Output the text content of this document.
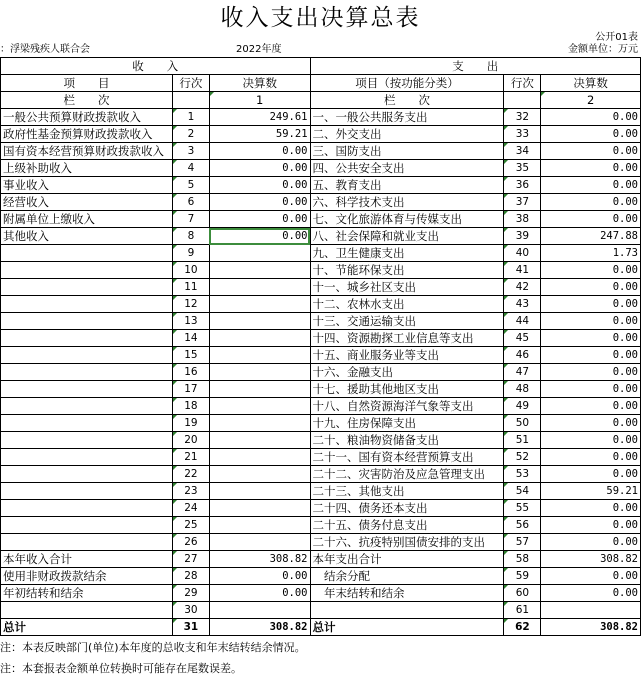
收入支出决算总表
公开01表
：浮梁残疾人联合会	2022年度	金额单位：万元
收　　入			支　　出		
项　　目	行次	决算数	项目（按功能分类）	行次	决算数
栏　　次		1	栏　　次		2
一般公共预算财政拨款收入	1	249.61	一、一般公共服务支出	32	0.00
政府性基金预算财政拨款收入	2	59.21	二、外交支出	33	0.00
国有资本经营预算财政拨款收入	3	0.00	三、国防支出	34	0.00
上级补助收入	4	0.00	四、公共安全支出	35	0.00
事业收入	5	0.00	五、教育支出	36	0.00
经营收入	6	0.00	六、科学技术支出	37	0.00
附属单位上缴收入	7	0.00	七、文化旅游体育与传媒支出	38	0.00
其他收入	8	0.00	八、社会保障和就业支出	39	247.88
	9		九、卫生健康支出	40	1.73
	10		十、节能环保支出	41	0.00
	11		十一、城乡社区支出	42	0.00
	12		十二、农林水支出	43	0.00
	13		十三、交通运输支出	44	0.00
	14		十四、资源勘探工业信息等支出	45	0.00
	15		十五、商业服务业等支出	46	0.00
	16		十六、金融支出	47	0.00
	17		十七、援助其他地区支出	48	0.00
	18		十八、自然资源海洋气象等支出	49	0.00
	19		十九、住房保障支出	50	0.00
	20		二十、粮油物资储备支出	51	0.00
	21		二十一、国有资本经营预算支出	52	0.00
	22		二十二、灾害防治及应急管理支出	53	0.00
	23		二十三、其他支出	54	59.21
	24		二十四、债务还本支出	55	0.00
	25		二十五、债务付息支出	56	0.00
	26		二十六、抗疫特别国债安排的支出	57	0.00
本年收入合计	27	308.82	本年支出合计	58	308.82
使用非财政拨款结余	28	0.00	　结余分配	59	0.00
年初结转和结余	29	0.00	　年末结转和结余	60	0.00
	30			61	
总计	31	308.82	总计	62	308.82
注：本表反映部门(单位)本年度的总收支和年末结转结余情况。
注：本套报表金额单位转换时可能存在尾数误差。
